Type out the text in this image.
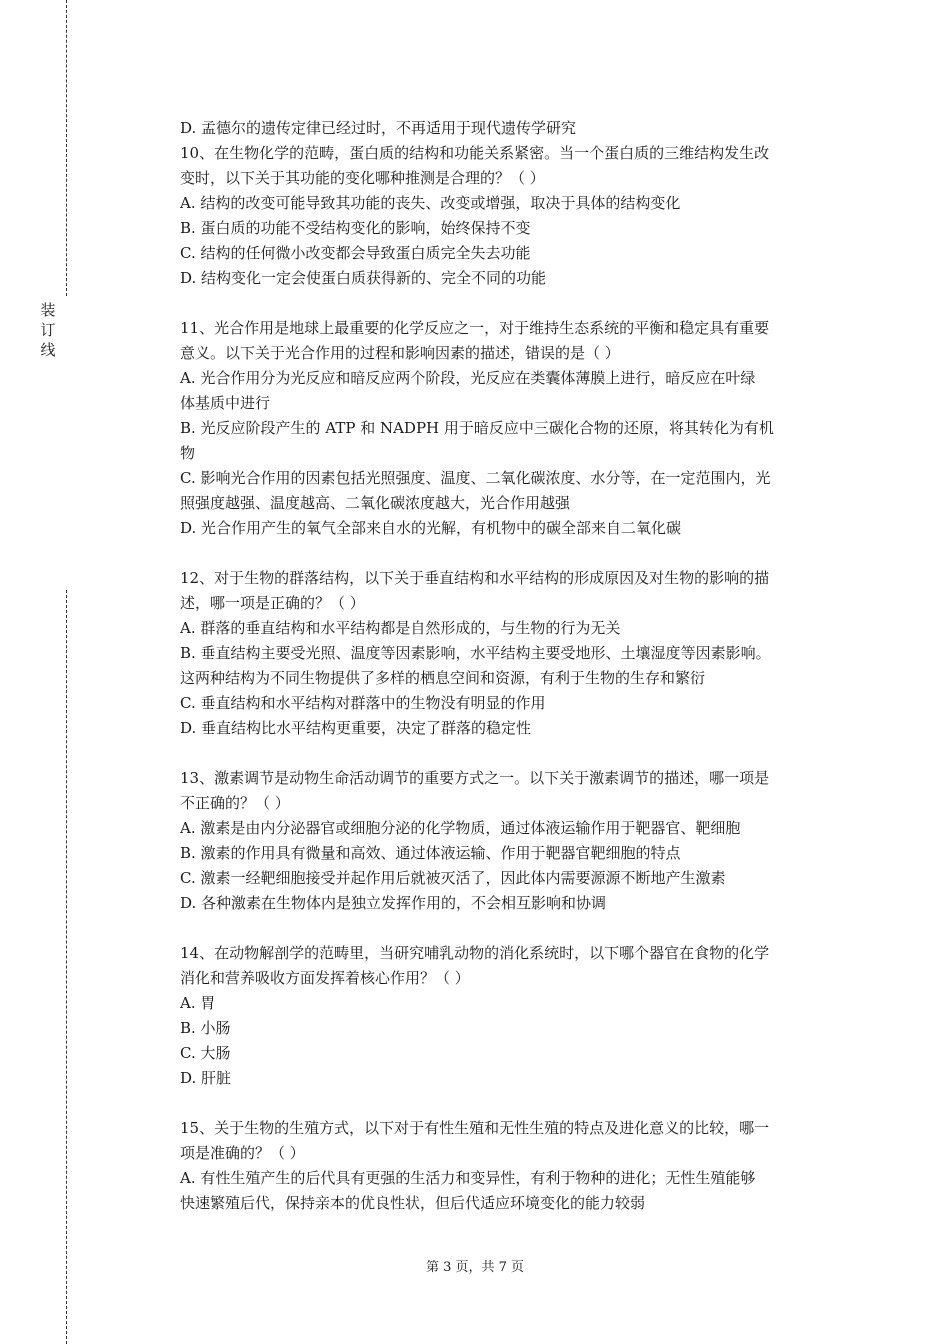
装
订
线
D. 孟德尔的遗传定律已经过时，不再适用于现代遗传学研究
10、在生物化学的范畴，蛋白质的结构和功能关系紧密。当一个蛋白质的三维结构发生改
变时，以下关于其功能的变化哪种推测是合理的？（ ）
A. 结构的改变可能导致其功能的丧失、改变或增强，取决于具体的结构变化
B. 蛋白质的功能不受结构变化的影响，始终保持不变
C. 结构的任何微小改变都会导致蛋白质完全失去功能
D. 结构变化一定会使蛋白质获得新的、完全不同的功能
11、光合作用是地球上最重要的化学反应之一，对于维持生态系统的平衡和稳定具有重要
意义。以下关于光合作用的过程和影响因素的描述，错误的是（ ）
A. 光合作用分为光反应和暗反应两个阶段，光反应在类囊体薄膜上进行，暗反应在叶绿
体基质中进行
B. 光反应阶段产生的 ATP 和 NADPH 用于暗反应中三碳化合物的还原，将其转化为有机
物
C. 影响光合作用的因素包括光照强度、温度、二氧化碳浓度、水分等，在一定范围内，光
照强度越强、温度越高、二氧化碳浓度越大，光合作用越强
D. 光合作用产生的氧气全部来自水的光解，有机物中的碳全部来自二氧化碳
12、对于生物的群落结构，以下关于垂直结构和水平结构的形成原因及对生物的影响的描
述，哪一项是正确的？（ ）
A. 群落的垂直结构和水平结构都是自然形成的，与生物的行为无关
B. 垂直结构主要受光照、温度等因素影响，水平结构主要受地形、土壤湿度等因素影响。
这两种结构为不同生物提供了多样的栖息空间和资源，有利于生物的生存和繁衍
C. 垂直结构和水平结构对群落中的生物没有明显的作用
D. 垂直结构比水平结构更重要，决定了群落的稳定性
13、激素调节是动物生命活动调节的重要方式之一。以下关于激素调节的描述，哪一项是
不正确的？（ ）
A. 激素是由内分泌器官或细胞分泌的化学物质，通过体液运输作用于靶器官、靶细胞
B. 激素的作用具有微量和高效、通过体液运输、作用于靶器官靶细胞的特点
C. 激素一经靶细胞接受并起作用后就被灭活了，因此体内需要源源不断地产生激素
D. 各种激素在生物体内是独立发挥作用的，不会相互影响和协调
14、在动物解剖学的范畴里，当研究哺乳动物的消化系统时，以下哪个器官在食物的化学
消化和营养吸收方面发挥着核心作用？（ ）
A. 胃
B. 小肠
C. 大肠
D. 肝脏
15、关于生物的生殖方式，以下对于有性生殖和无性生殖的特点及进化意义的比较，哪一
项是准确的？（ ）
A. 有性生殖产生的后代具有更强的生活力和变异性，有利于物种的进化；无性生殖能够
快速繁殖后代，保持亲本的优良性状，但后代适应环境变化的能力较弱
第 3 页，共 7 页
